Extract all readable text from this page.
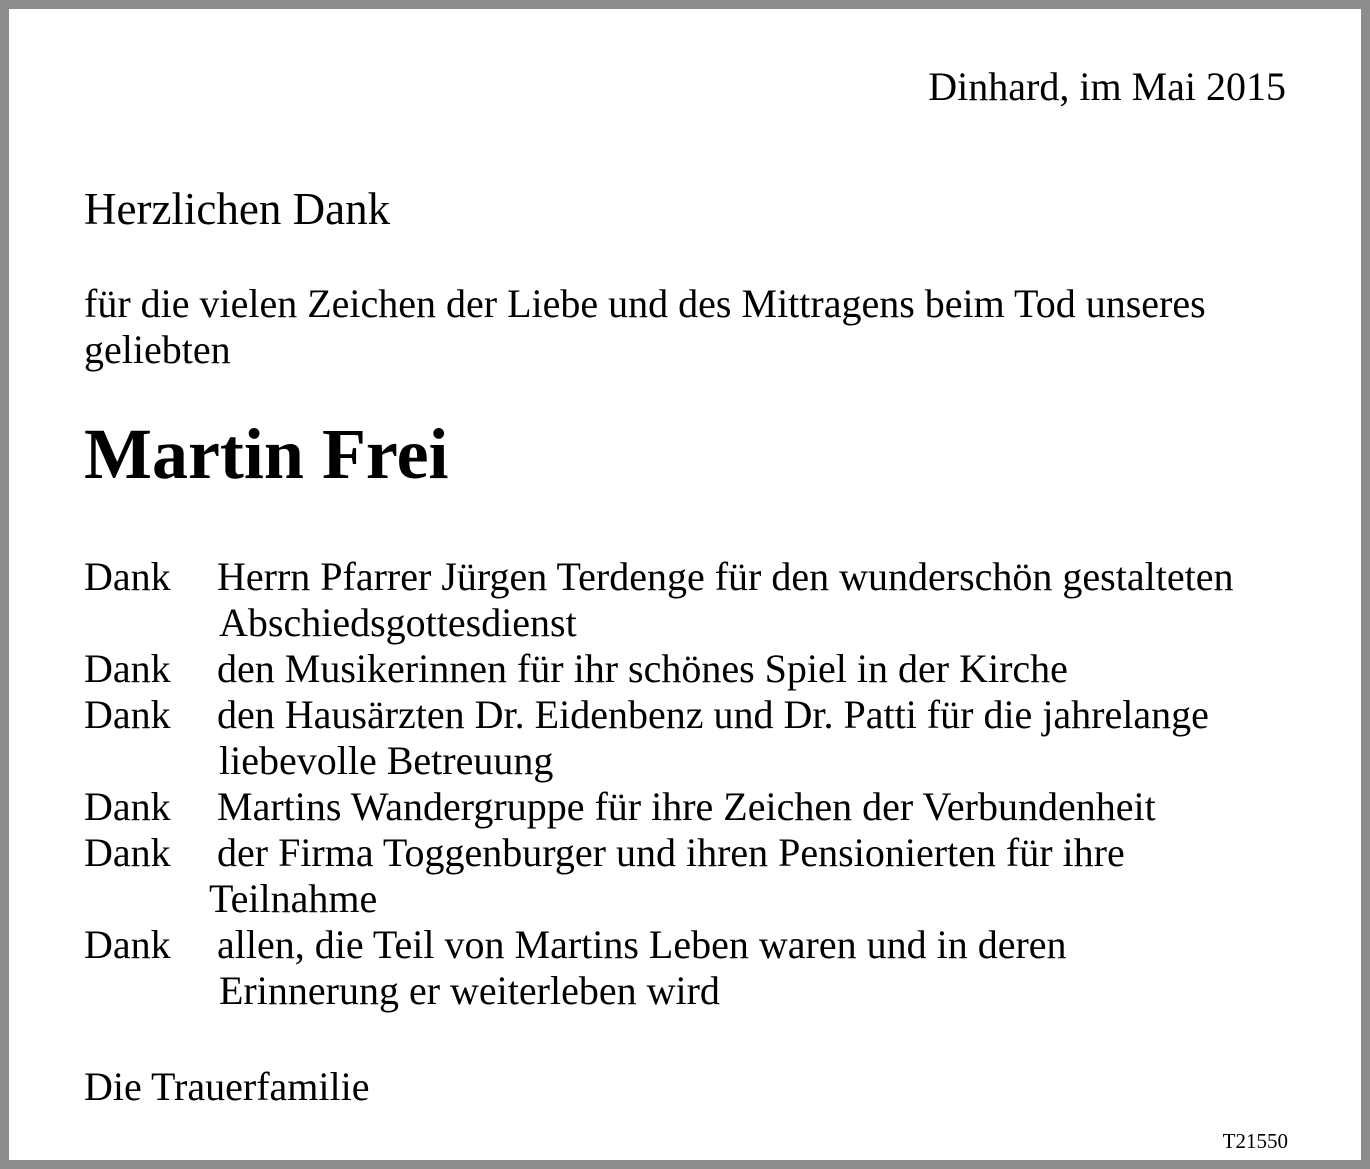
Dinhard, im Mai 2015
Herzlichen Dank
für die vielen Zeichen der Liebe und des Mittragens beim Tod unseres
geliebten
Martin Frei
Dank Herrn Pfarrer Jürgen Terdenge für den wunderschön gestalteten
Abschiedsgottesdienst
Dank den Musikerinnen für ihr schönes Spiel in der Kirche
Dank den Hausärzten Dr. Eidenbenz und Dr. Patti für die jahrelange
liebevolle Betreuung
Dank Martins Wandergruppe für ihre Zeichen der Verbundenheit
Dank der Firma Toggenburger und ihren Pensionierten für ihre
Teilnahme
Dank allen, die Teil von Martins Leben waren und in deren
Erinnerung er weiterleben wird
Die Trauerfamilie
T21550
